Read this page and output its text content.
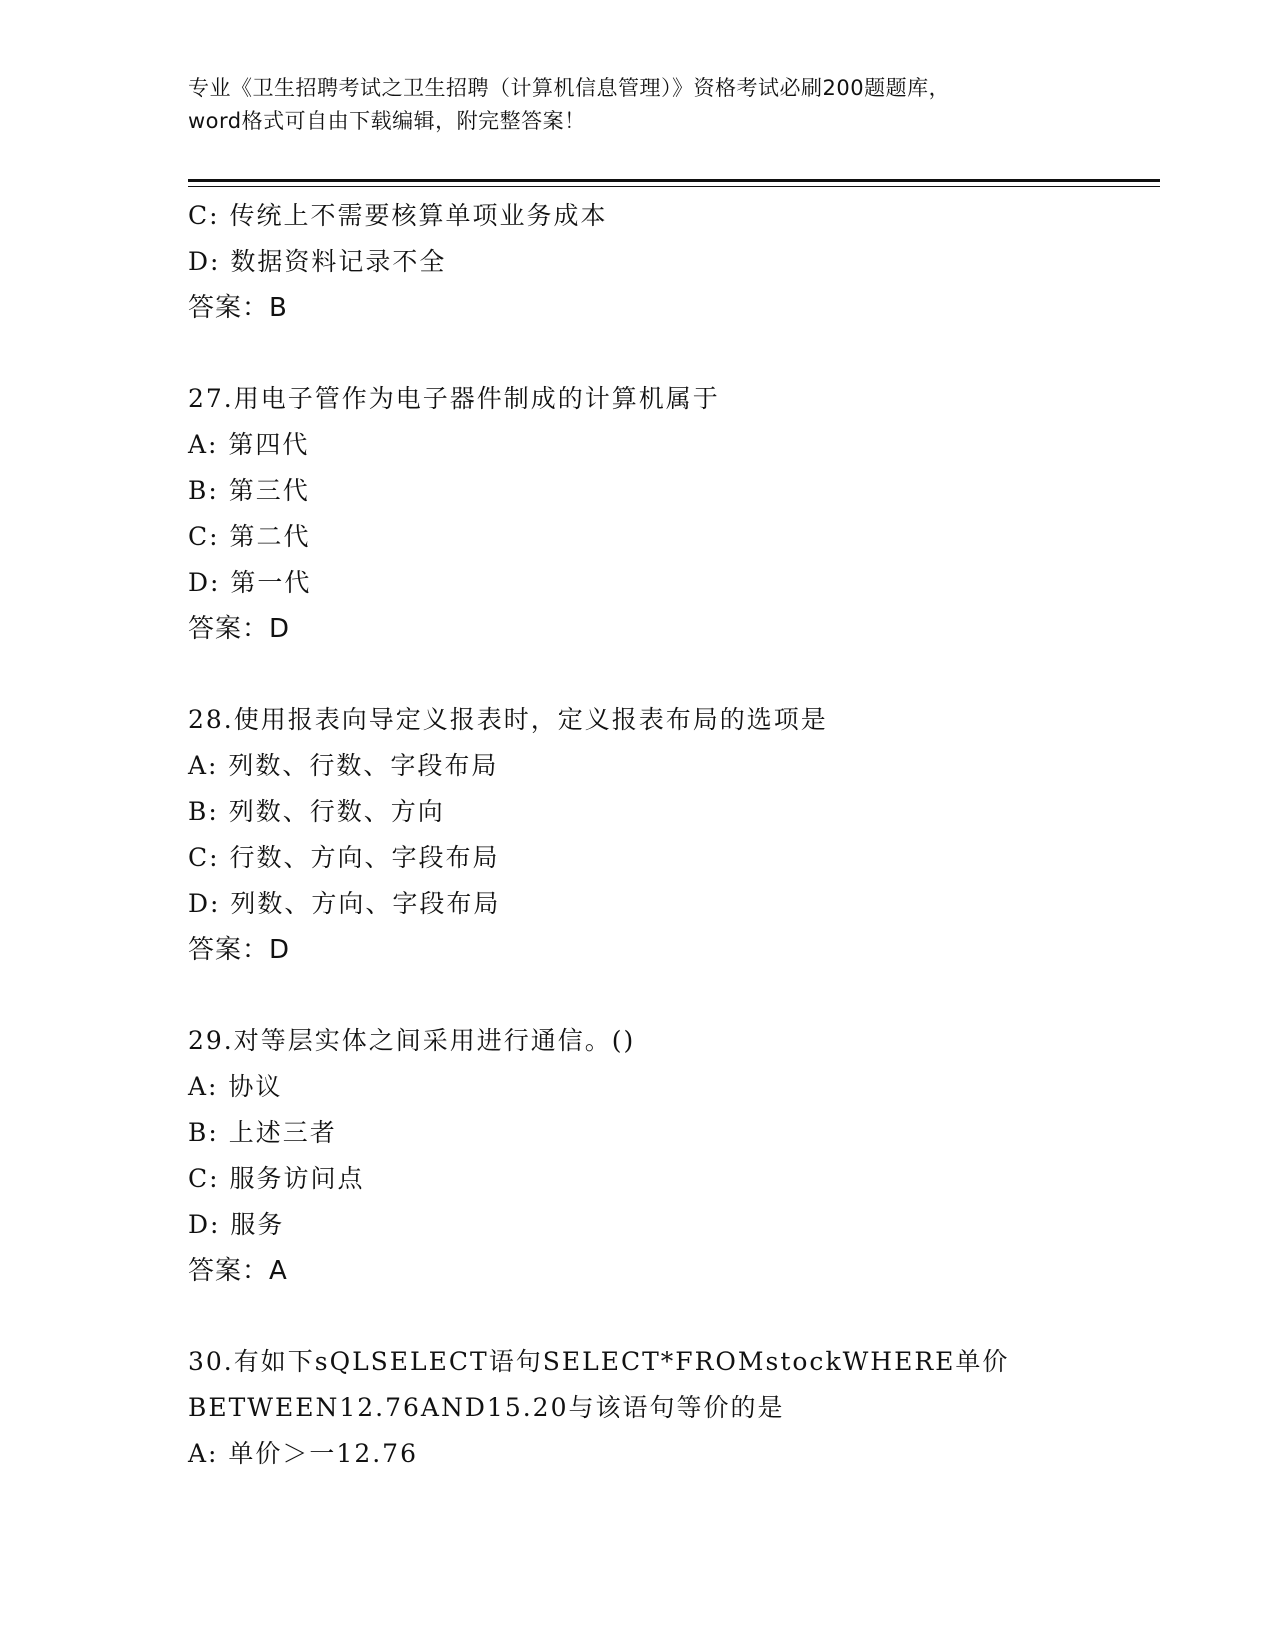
专业《卫生招聘考试之卫生招聘（计算机信息管理）》资格考试必刷200题题库，
word格式可自由下载编辑，附完整答案！
C: 传统上不需要核算单项业务成本
D: 数据资料记录不全
答案：B
27.用电子管作为电子器件制成的计算机属于
A: 第四代
B: 第三代
C: 第二代
D: 第一代
答案：D
28.使用报表向导定义报表时，定义报表布局的选项是
A: 列数、行数、字段布局
B: 列数、行数、方向
C: 行数、方向、字段布局
D: 列数、方向、字段布局
答案：D
29.对等层实体之间采用进行通信。()
A: 协议
B: 上述三者
C: 服务访问点
D: 服务
答案：A
30.有如下sQLSELECT语句SELECT*FROMstockWHERE单价
BETWEEN12.76AND15.20与该语句等价的是
A: 单价＞一12.76
